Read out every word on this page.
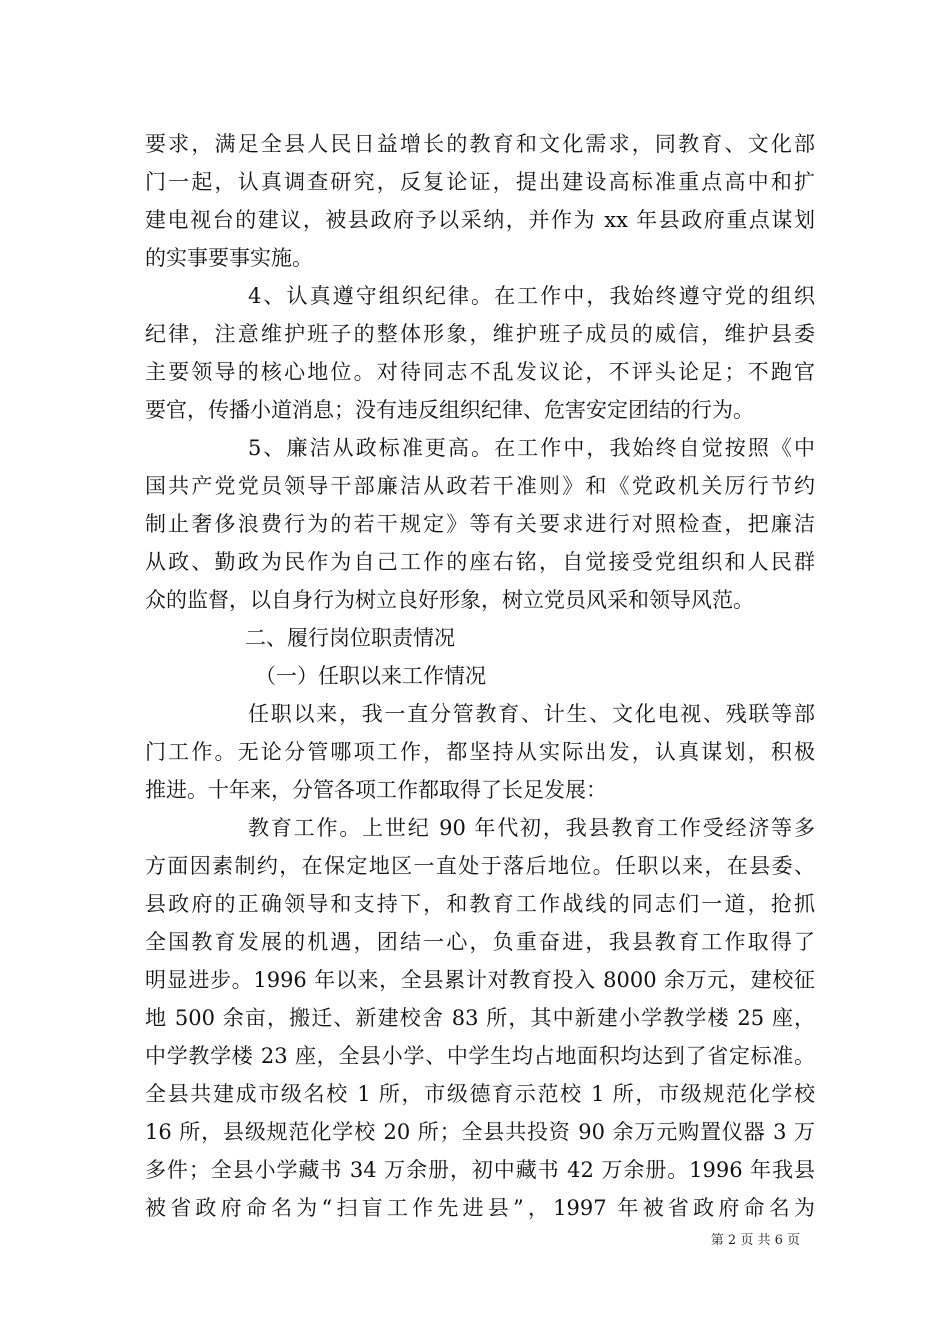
要求，满足全县人民日益增长的教育和文化需求，同教育、文化部
门一起，认真调查研究，反复论证，提出建设高标准重点高中和扩
建电视台的建议，被县政府予以采纳，并作为 xx 年县政府重点谋划
的实事要事实施。
4、认真遵守组织纪律。在工作中，我始终遵守党的组织
纪律，注意维护班子的整体形象，维护班子成员的威信，维护县委
主要领导的核心地位。对待同志不乱发议论，不评头论足；不跑官
要官，传播小道消息；没有违反组织纪律、危害安定团结的行为。
5、廉洁从政标准更高。在工作中，我始终自觉按照《中
国共产党党员领导干部廉洁从政若干准则》和《党政机关厉行节约
制止奢侈浪费行为的若干规定》等有关要求进行对照检查，把廉洁
从政、勤政为民作为自己工作的座右铭，自觉接受党组织和人民群
众的监督，以自身行为树立良好形象，树立党员风采和领导风范。
二、履行岗位职责情况
（一）任职以来工作情况
任职以来，我一直分管教育、计生、文化电视、残联等部
门工作。无论分管哪项工作，都坚持从实际出发，认真谋划，积极
推进。十年来，分管各项工作都取得了长足发展：
教育工作。上世纪 90 年代初，我县教育工作受经济等多
方面因素制约，在保定地区一直处于落后地位。任职以来，在县委、
县政府的正确领导和支持下，和教育工作战线的同志们一道，抢抓
全国教育发展的机遇，团结一心，负重奋进，我县教育工作取得了
明显进步。1996 年以来，全县累计对教育投入 8000 余万元，建校征
地 500 余亩，搬迁、新建校舍 83 所，其中新建小学教学楼 25 座，
中学教学楼 23 座，全县小学、中学生均占地面积均达到了省定标准。
全县共建成市级名校 1 所，市级德育示范校 1 所，市级规范化学校
16 所，县级规范化学校 20 所；全县共投资 90 余万元购置仪器 3 万
多件；全县小学藏书 34 万余册，初中藏书 42 万余册。1996 年我县
被省政府命名为“扫盲工作先进县”，1997 年被省政府命名为
第 2 页 共 6 页
